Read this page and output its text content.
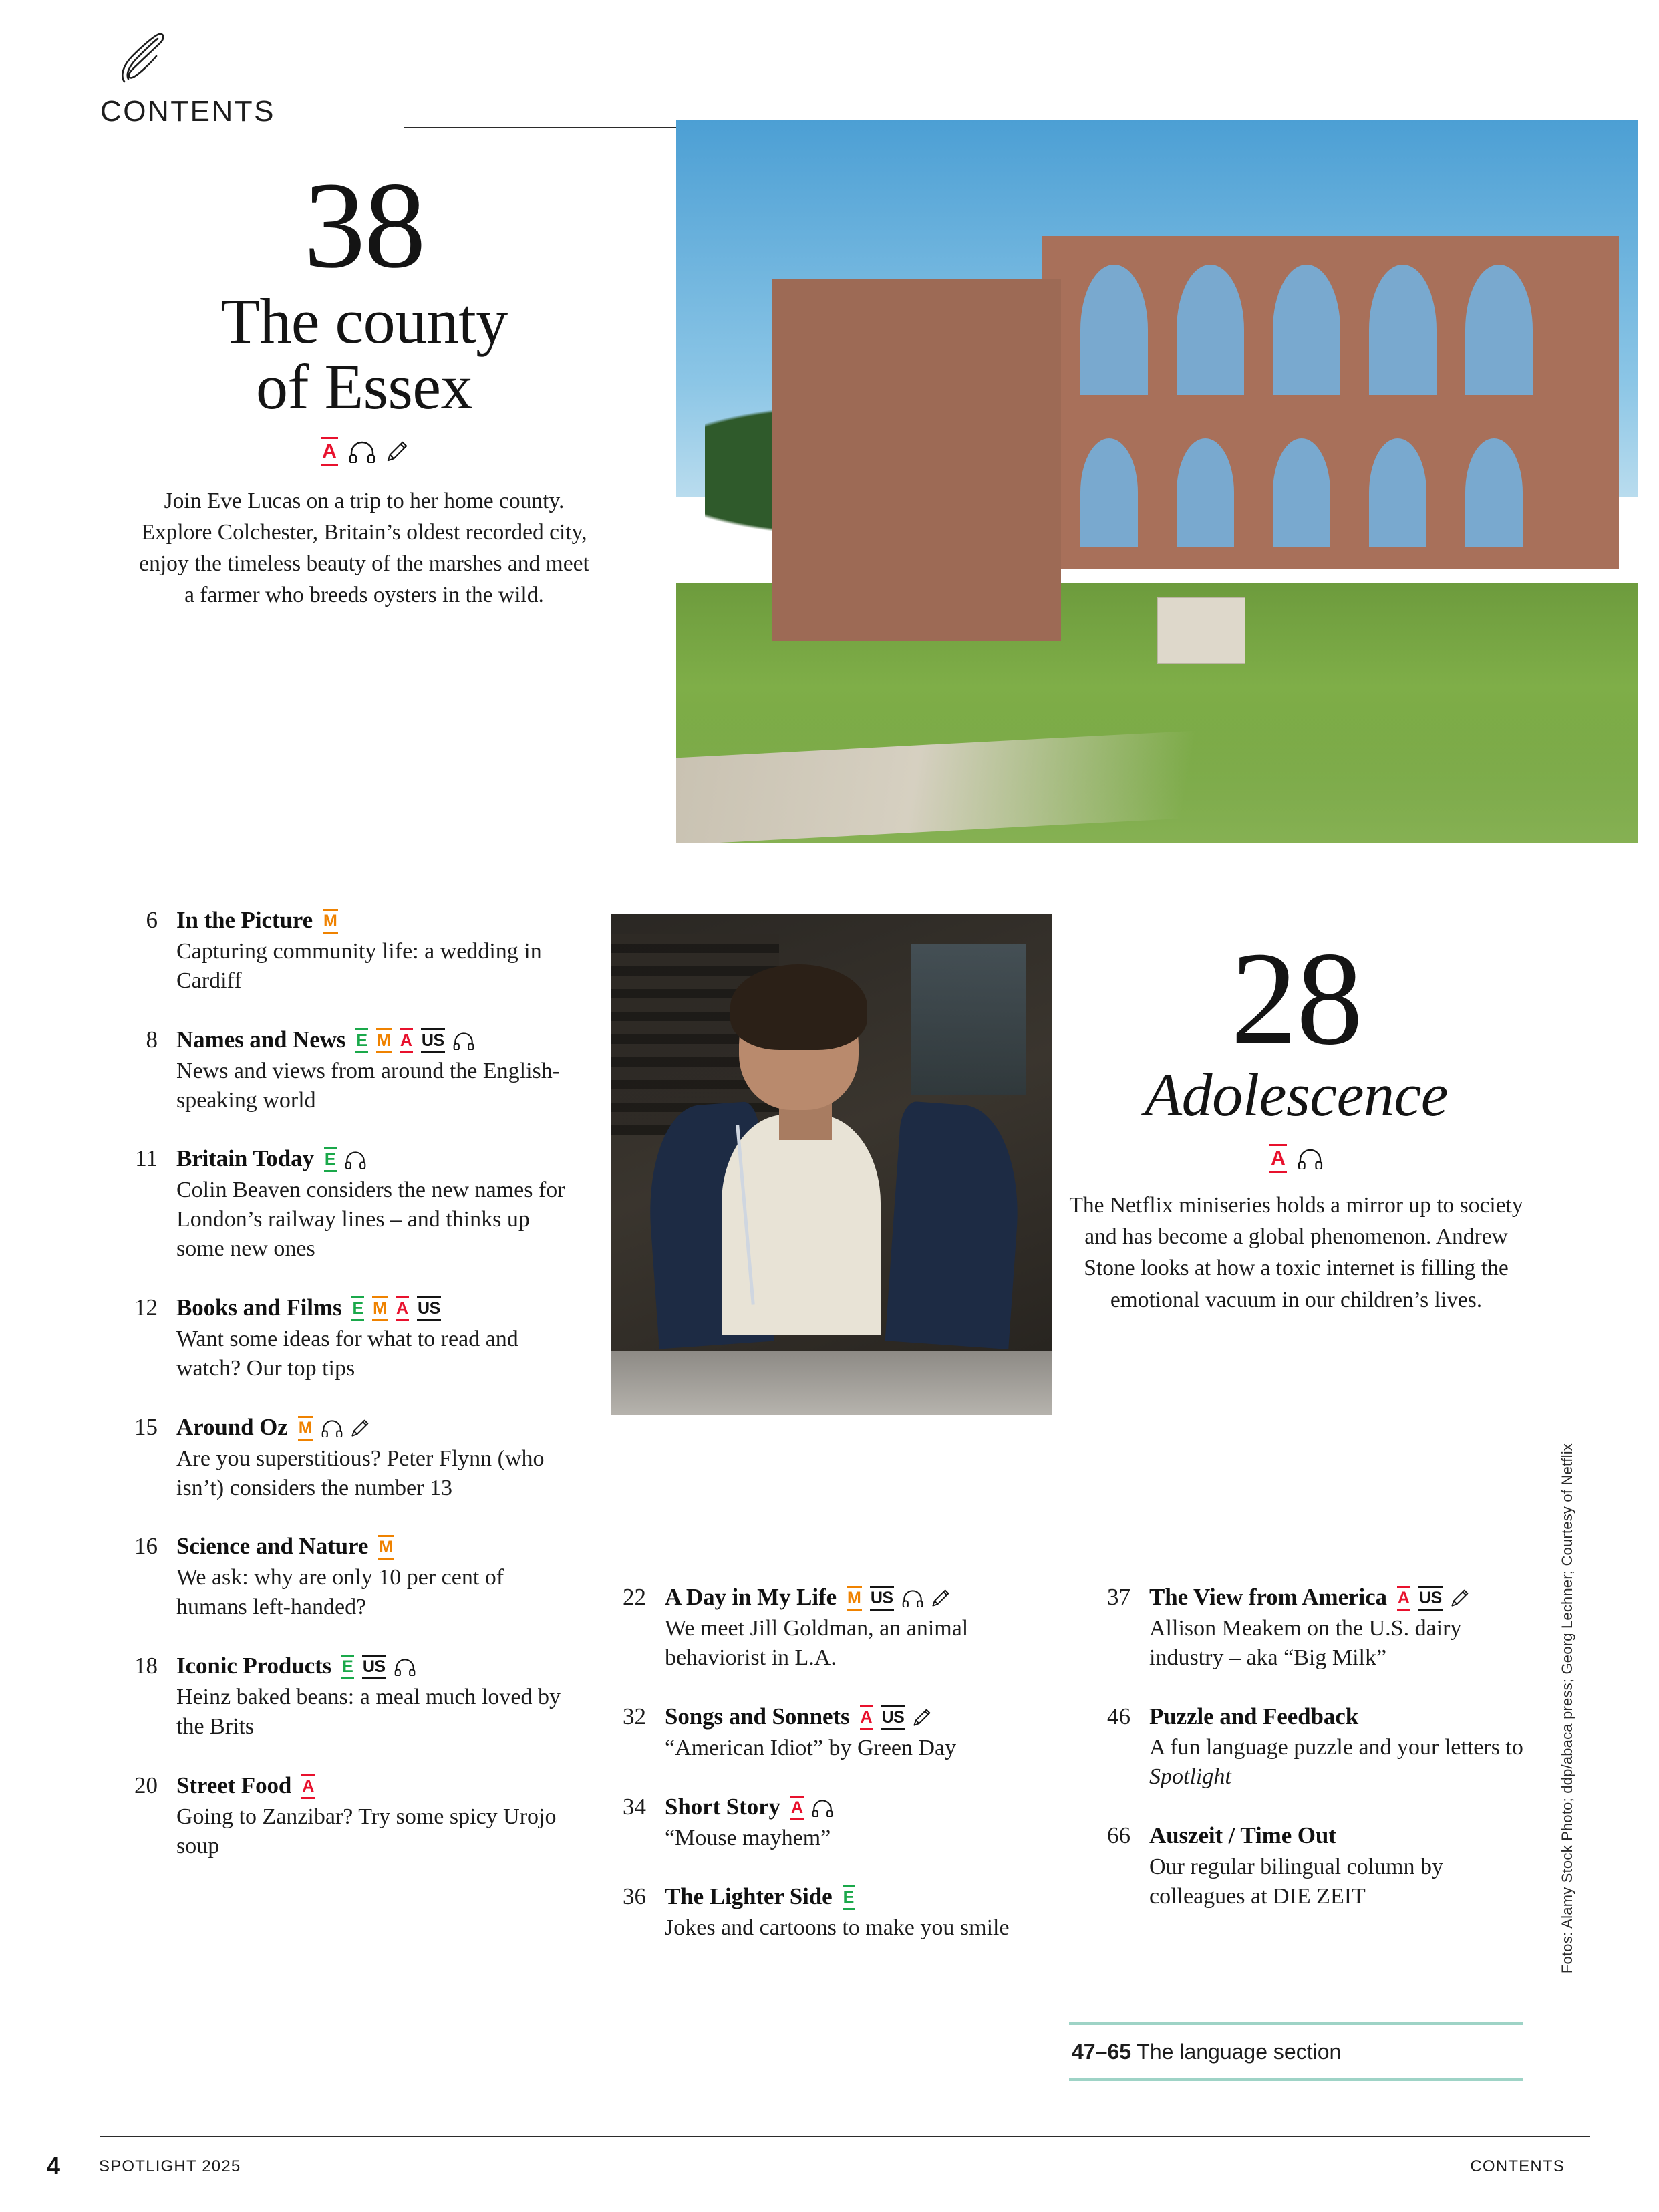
CONTENTS
38
The county
of Essex
A
Join Eve Lucas on a trip to her home county. Explore Colchester, Britain’s oldest recorded city, enjoy the timeless beauty of the marshes and meet a farmer who breeds oysters in the wild.
28
Adolescence
A
The Netflix miniseries holds a mirror up to society and has become a global phenomenon. Andrew Stone looks at how a toxic internet is filling the emotional vacuum in our children’s lives.
6 In the Picture M
Capturing community life: a wedding in Cardiff
8 Names and News E M A US
News and views from around the English-speaking world
11 Britain Today E
Colin Beaven considers the new names for London’s railway lines – and thinks up some new ones
12 Books and Films E M A US
Want some ideas for what to read and watch? Our top tips
15 Around Oz M
Are you superstitious? Peter Flynn (who isn’t) considers the number 13
16 Science and Nature M
We ask: why are only 10 per cent of humans left-handed?
18 Iconic Products E US
Heinz baked beans: a meal much loved by the Brits
20 Street Food A
Going to Zanzibar? Try some spicy Urojo soup
22 A Day in My Life M US
We meet Jill Goldman, an animal behaviorist in L.A.
32 Songs and Sonnets A US
“American Idiot” by Green Day
34 Short Story A
“Mouse mayhem”
36 The Lighter Side E
Jokes and cartoons to make you smile
37 The View from America A US
Allison Meakem on the U.S. dairy industry – aka “Big Milk”
46 Puzzle and Feedback
A fun language puzzle and your letters to Spotlight
66 Auszeit / Time Out
Our regular bilingual column by colleagues at DIE ZEIT
47–65 The language section
Fotos: Alamy Stock Photo; ddp/abaca press; Georg Lechner; Courtesy of Netflix
4 SPOTLIGHT 2025	CONTENTS
